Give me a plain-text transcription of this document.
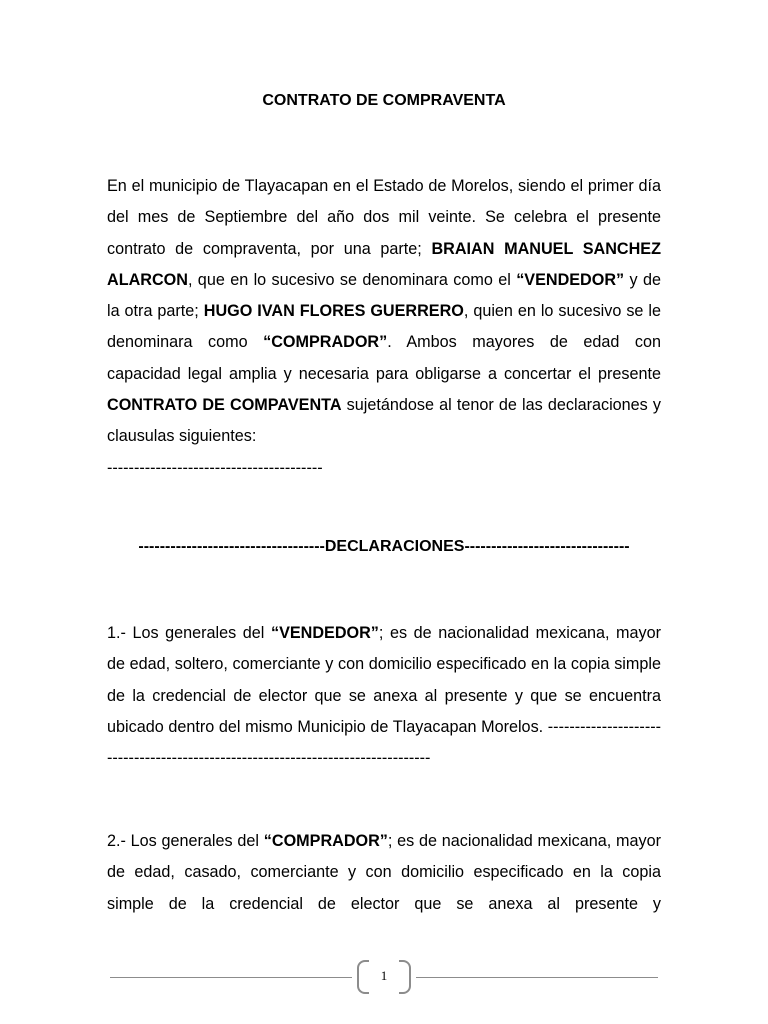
CONTRATO DE COMPRAVENTA

En el municipio de Tlayacapan en el Estado de Morelos, siendo el primer día del mes de Septiembre del año dos mil veinte. Se celebra el presente contrato de compraventa, por una parte; BRAIAN MANUEL SANCHEZ ALARCON, que en lo sucesivo se denominara como el “VENDEDOR” y de la otra parte; HUGO IVAN FLORES GUERRERO, quien en lo sucesivo se le denominara como “COMPRADOR”. Ambos mayores de edad con capacidad legal amplia y necesaria para obligarse a concertar el presente CONTRATO DE COMPAVENTA sujetándose al tenor de las declaraciones y clausulas siguientes:
----------------------------------------

-----------------------------------DECLARACIONES-------------------------------

1.- Los generales del “VENDEDOR”; es de nacionalidad mexicana, mayor de edad, soltero, comerciante y con domicilio especificado en la copia simple de la credencial de elector que se anexa al presente y que se encuentra ubicado dentro del mismo Municipio de Tlayacapan Morelos. ---------------------------------------------------------------------------------

2.- Los generales del “COMPRADOR”; es de nacionalidad mexicana, mayor de edad, casado, comerciante y con domicilio especificado en la copia simple de la credencial de elector que se anexa al presente y

1
